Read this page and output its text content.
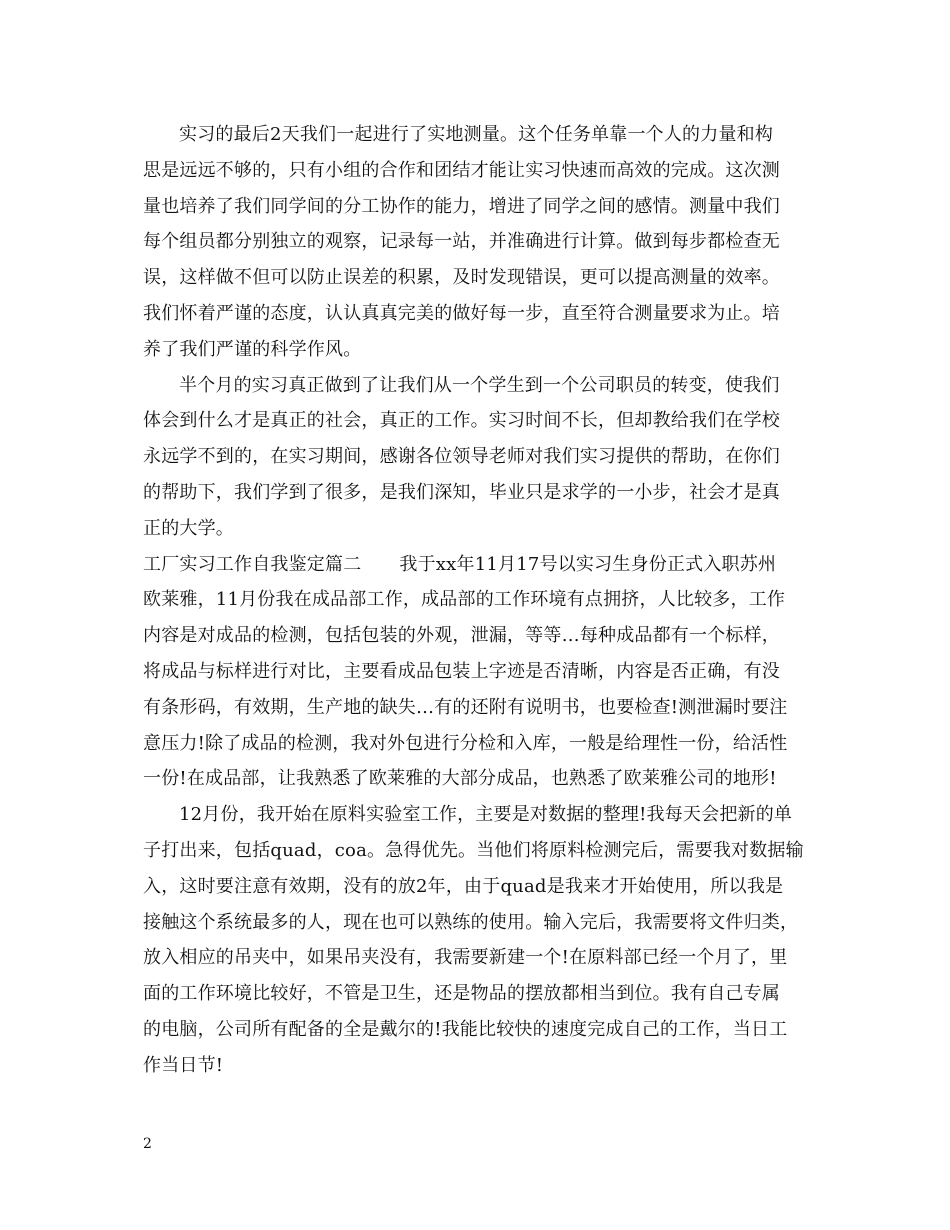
实习的最后2天我们一起进行了实地测量。这个任务单靠一个人的力量和构
思是远远不够的，只有小组的合作和团结才能让实习快速而高效的完成。这次测
量也培养了我们同学间的分工协作的能力，增进了同学之间的感情。测量中我们
每个组员都分别独立的观察，记录每一站，并准确进行计算。做到每步都检查无
误，这样做不但可以防止误差的积累，及时发现错误，更可以提高测量的效率。
我们怀着严谨的态度，认认真真完美的做好每一步，直至符合测量要求为止。培
养了我们严谨的科学作风。
半个月的实习真正做到了让我们从一个学生到一个公司职员的转变，使我们
体会到什么才是真正的社会，真正的工作。实习时间不长，但却教给我们在学校
永远学不到的，在实习期间，感谢各位领导老师对我们实习提供的帮助，在你们
的帮助下，我们学到了很多，是我们深知，毕业只是求学的一小步，社会才是真
正的大学。
工厂实习工作自我鉴定篇二 我于xx年11月17号以实习生身份正式入职苏州
欧莱雅，11月份我在成品部工作，成品部的工作环境有点拥挤，人比较多，工作
内容是对成品的检测，包括包装的外观，泄漏，等等…每种成品都有一个标样，
将成品与标样进行对比，主要看成品包装上字迹是否清晰，内容是否正确，有没
有条形码，有效期，生产地的缺失…有的还附有说明书，也要检查!测泄漏时要注
意压力!除了成品的检测，我对外包进行分检和入库，一般是给理性一份，给活性
一份!在成品部，让我熟悉了欧莱雅的大部分成品，也熟悉了欧莱雅公司的地形!
12月份，我开始在原料实验室工作，主要是对数据的整理!我每天会把新的单
子打出来，包括quad，coa。急得优先。当他们将原料检测完后，需要我对数据输
入，这时要注意有效期，没有的放2年，由于quad是我来才开始使用，所以我是
接触这个系统最多的人，现在也可以熟练的使用。输入完后，我需要将文件归类，
放入相应的吊夹中，如果吊夹没有，我需要新建一个!在原料部已经一个月了，里
面的工作环境比较好，不管是卫生，还是物品的摆放都相当到位。我有自己专属
的电脑，公司所有配备的全是戴尔的!我能比较快的速度完成自己的工作，当日工
作当日节!
2
